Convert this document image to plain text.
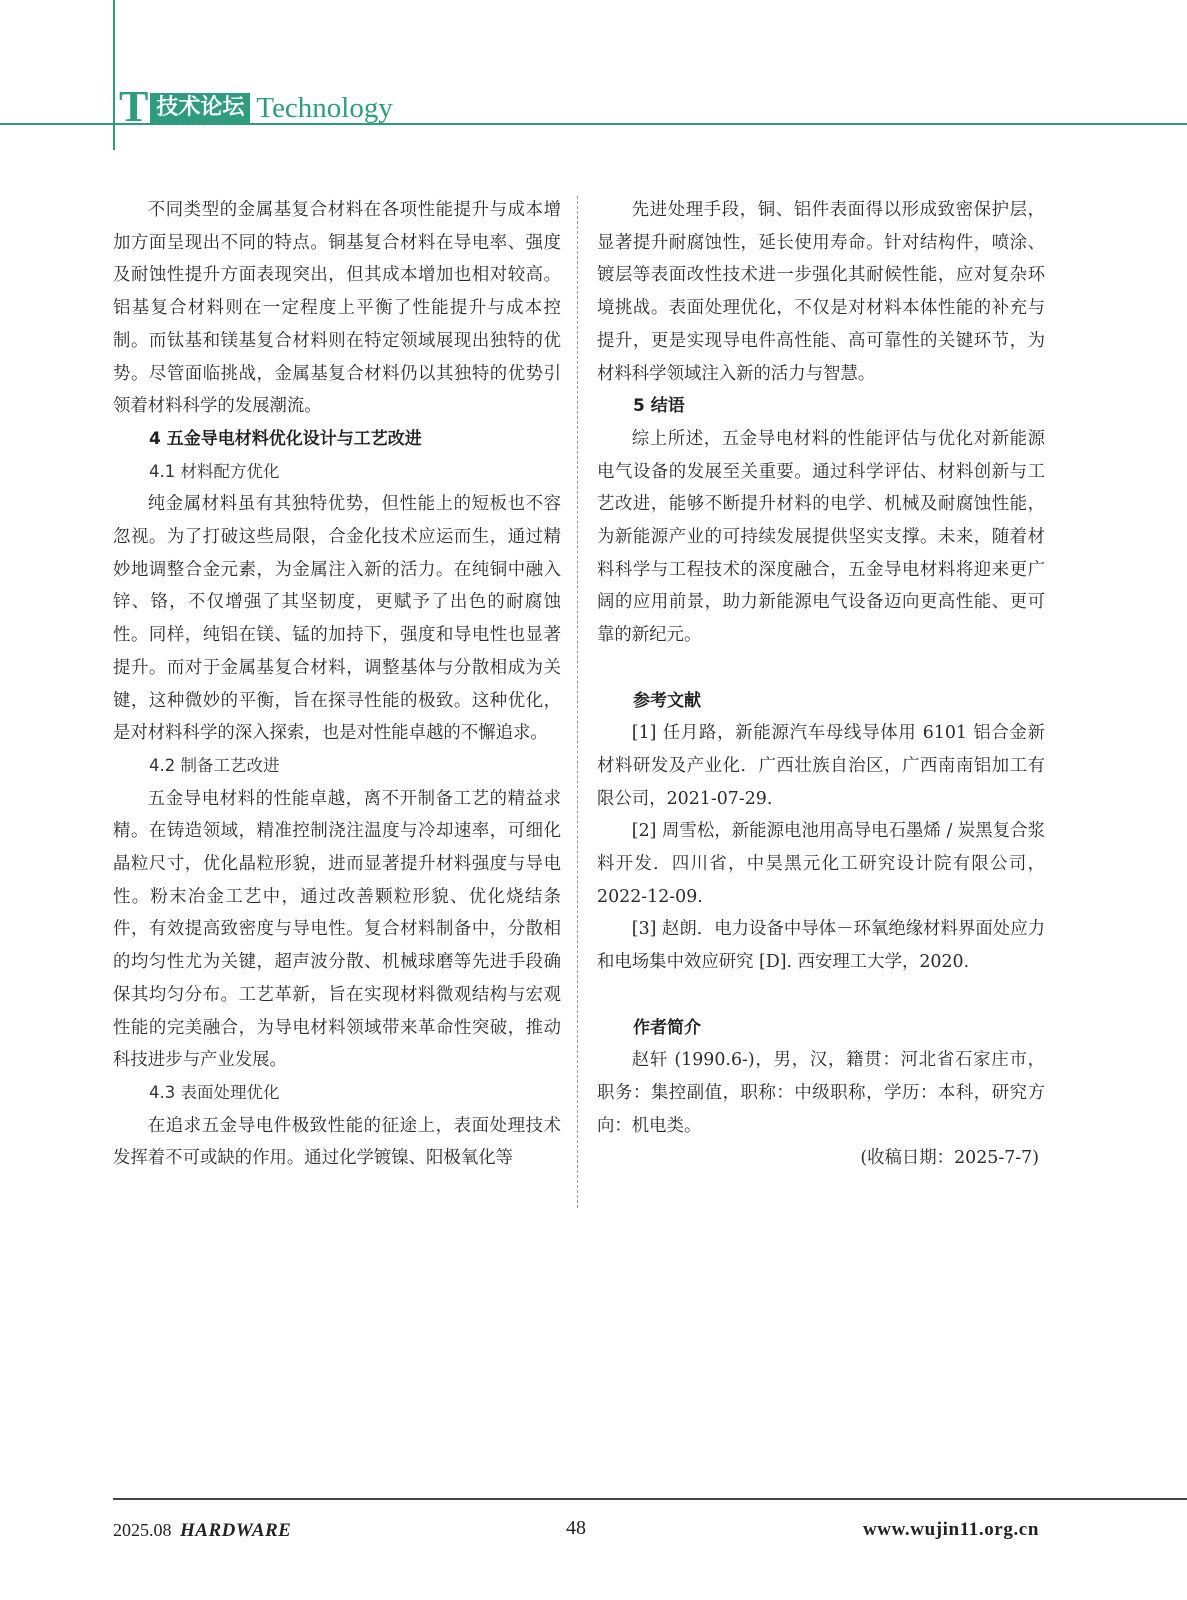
T 技术论坛 Technology

不同类型的金属基复合材料在各项性能提升与成本增加方面呈现出不同的特点。铜基复合材料在导电率、强度及耐蚀性提升方面表现突出，但其成本增加也相对较高。铝基复合材料则在一定程度上平衡了性能提升与成本控制。而钛基和镁基复合材料则在特定领域展现出独特的优势。尽管面临挑战，金属基复合材料仍以其独特的优势引领着材料科学的发展潮流。

4 五金导电材料优化设计与工艺改进

4.1 材料配方优化

纯金属材料虽有其独特优势，但性能上的短板也不容忽视。为了打破这些局限，合金化技术应运而生，通过精妙地调整合金元素，为金属注入新的活力。在纯铜中融入锌、铬，不仅增强了其坚韧度，更赋予了出色的耐腐蚀性。同样，纯铝在镁、锰的加持下，强度和导电性也显著提升。而对于金属基复合材料，调整基体与分散相成为关键，这种微妙的平衡，旨在探寻性能的极致。这种优化，是对材料科学的深入探索，也是对性能卓越的不懈追求。

4.2 制备工艺改进

五金导电材料的性能卓越，离不开制备工艺的精益求精。在铸造领域，精准控制浇注温度与冷却速率，可细化晶粒尺寸，优化晶粒形貌，进而显著提升材料强度与导电性。粉末冶金工艺中，通过改善颗粒形貌、优化烧结条件，有效提高致密度与导电性。复合材料制备中，分散相的均匀性尤为关键，超声波分散、机械球磨等先进手段确保其均匀分布。工艺革新，旨在实现材料微观结构与宏观性能的完美融合，为导电材料领域带来革命性突破，推动科技进步与产业发展。

4.3 表面处理优化

在追求五金导电件极致性能的征途上，表面处理技术发挥着不可或缺的作用。通过化学镀镍、阳极氧化等

先进处理手段，铜、铝件表面得以形成致密保护层，显著提升耐腐蚀性，延长使用寿命。针对结构件，喷涂、镀层等表面改性技术进一步强化其耐候性能，应对复杂环境挑战。表面处理优化，不仅是对材料本体性能的补充与提升，更是实现导电件高性能、高可靠性的关键环节，为材料科学领域注入新的活力与智慧。

5 结语

综上所述，五金导电材料的性能评估与优化对新能源电气设备的发展至关重要。通过科学评估、材料创新与工艺改进，能够不断提升材料的电学、机械及耐腐蚀性能，为新能源产业的可持续发展提供坚实支撑。未来，随着材料科学与工程技术的深度融合，五金导电材料将迎来更广阔的应用前景，助力新能源电气设备迈向更高性能、更可靠的新纪元。

参考文献

[1] 任月路，新能源汽车母线导体用 6101 铝合金新材料研发及产业化．广西壮族自治区，广西南南铝加工有限公司，2021-07-29.

[2] 周雪松，新能源电池用高导电石墨烯 / 炭黑复合浆料开发．四川省，中昊黑元化工研究设计院有限公司，2022-12-09.

[3] 赵朗．电力设备中导体－环氧绝缘材料界面处应力和电场集中效应研究 [D]. 西安理工大学，2020.

作者简介

赵轩 (1990.6-)，男，汉，籍贯：河北省石家庄市，职务：集控副值，职称：中级职称，学历：本科，研究方向：机电类。

(收稿日期：2025-7-7)

2025.08 HARDWARE	48	www.wujin11.org.cn
